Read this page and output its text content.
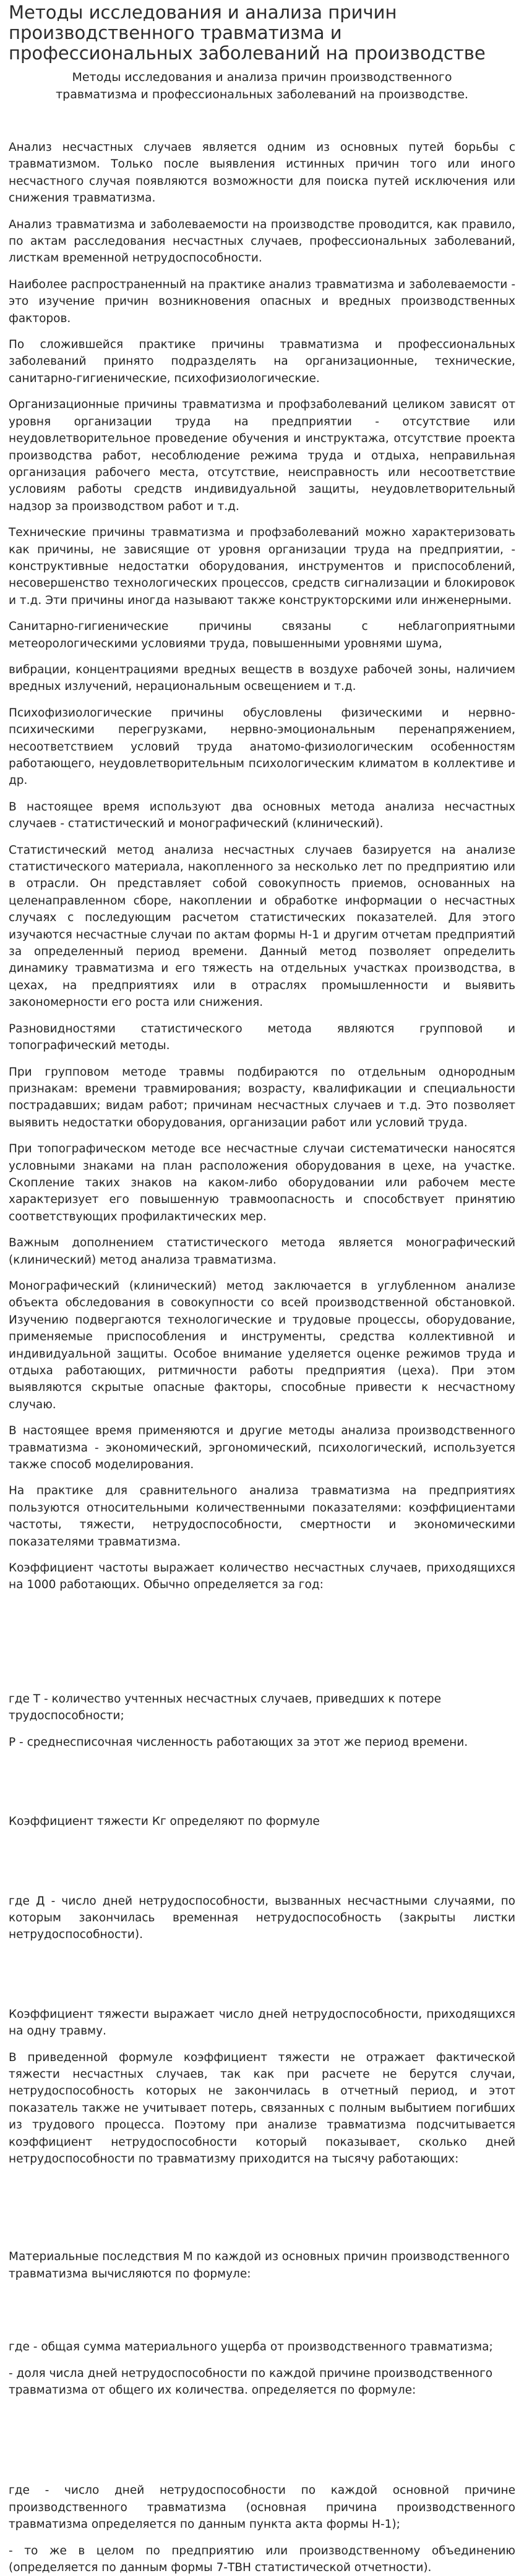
Методы исследования и анализа причин производственного травматизма и профессиональных заболеваний на производстве
Методы исследования и анализа причин производственного травматизма и профессиональных заболеваний на производстве.

Анализ несчастных случаев является одним из основных путей борьбы с травматизмом. Только после выявления истинных причин того или иного несчастного случая появляются возможности для поиска путей исключения или снижения травматизма.

Анализ травматизма и заболеваемости на производстве проводится, как правило, по актам расследования несчастных случаев, профессиональных заболеваний, листкам временной нетрудоспособности.

Наиболее распространенный на практике анализ травматизма и заболеваемости - это изучение причин возникновения опасных и вредных производственных факторов.

По сложившейся практике причины травматизма и профессиональных заболеваний принято подразделять на организационные, технические, санитарно-гигиенические, психофизиологические.

Организационные причины травматизма и профзаболеваний целиком зависят от уровня организации труда на предприятии - отсутствие или неудовлетворительное проведение обучения и инструктажа, отсутствие проекта производства работ, несоблюдение режима труда и отдыха, неправильная организация рабочего места, отсутствие, неисправность или несоответствие условиям работы средств индивидуальной защиты, неудовлетворительный надзор за производством работ и т.д.

Технические причины травматизма и профзаболеваний можно характеризовать как причины, не зависящие от уровня организации труда на предприятии, - конструктивные недостатки оборудования, инструментов и приспособлений, несовершенство технологических процессов, средств сигнализации и блокировок и т.д. Эти причины иногда называют также конструкторскими или инженерными.

Санитарно-гигиенические причины связаны с неблагоприятными метеорологическими условиями труда, повышенными уровнями шума,

вибрации, концентрациями вредных веществ в воздухе рабочей зоны, наличием вредных излучений, нерациональным освещением и т.д.

Психофизиологические причины обусловлены физическими и нервно-психическими перегрузками, нервно-эмоциональным перенапряжением, несоответствием условий труда анатомо-физиологическим особенностям работающего, неудовлетворительным психологическим климатом в коллективе и др.

В настоящее время используют два основных метода анализа несчастных случаев - статистический и монографический (клинический).

Статистический метод анализа несчастных случаев базируется на анализе статистического материала, накопленного за несколько лет по предприятию или в отрасли. Он представляет собой совокупность приемов, основанных на целенаправленном сборе, накоплении и обработке информации о несчастных случаях с последующим расчетом статистических показателей. Для этого изучаются несчастные случаи по актам формы Н-1 и другим отчетам предприятий за определенный период времени. Данный метод позволяет определить динамику травматизма и его тяжесть на отдельных участках производства, в цехах, на предприятиях или в отраслях промышленности и выявить закономерности его роста или снижения.

Разновидностями статистического метода являются групповой и топографический методы.

При групповом методе травмы подбираются по отдельным однородным признакам: времени травмирования; возрасту, квалификации и специальности пострадавших; видам работ; причинам несчастных случаев и т.д. Это позволяет выявить недостатки оборудования, организации работ или условий труда.

При топографическом методе все несчастные случаи систематически наносятся условными знаками на план расположения оборудования в цехе, на участке. Скопление таких знаков на каком-либо оборудовании или рабочем месте характеризует его повышенную травмоопасность и способствует принятию соответствующих профилактических мер.

Важным дополнением статистического метода является монографический (клинический) метод анализа травматизма.

Монографический (клинический) метод заключается в углубленном анализе объекта обследования в совокупности со всей производственной обстановкой. Изучению подвергаются технологические и трудовые процессы, оборудование, применяемые приспособления и инструменты, средства коллективной и индивидуальной защиты. Особое внимание уделяется оценке режимов труда и отдыха работающих, ритмичности работы предприятия (цеха). При этом выявляются скрытые опасные факторы, способные привести к несчастному случаю.

В настоящее время применяются и другие методы анализа производственного травматизма - экономический, эргономический, психологический, используется также способ моделирования.

На практике для сравнительного анализа травматизма на предприятиях пользуются относительными количественными показателями: коэффициентами частоты, тяжести, нетрудоспособности, смертности и экономическими показателями травматизма.

Коэффициент частоты выражает количество несчастных случаев, приходящихся на 1000 работающих. Обычно определяется за год:

где Т - количество учтенных несчастных случаев, приведших к потере трудоспособности;

Р - среднесписочная численность работающих за этот же период времени.

Коэффициент тяжести Кг определяют по формуле

где Д - число дней нетрудоспособности, вызванных несчастными случаями, по которым закончилась временная нетрудоспособность (закрыты листки нетрудоспособности).

Коэффициент тяжести выражает число дней нетрудоспособности, приходящихся на одну травму.

В приведенной формуле коэффициент тяжести не отражает фактической тяжести несчастных случаев, так как при расчете не берутся случаи, нетрудоспособность которых не закончилась в отчетный период, и этот показатель также не учитывает потерь, связанных с полным выбытием погибших из трудового процесса. Поэтому при анализе травматизма подсчитывается коэффициент нетрудоспособности который показывает, сколько дней нетрудоспособности по травматизму приходится на тысячу работающих:

Материальные последствия М по каждой из основных причин производственного травматизма вычисляются по формуле:

где - общая сумма материального ущерба от производственного травматизма;

- доля числа дней нетрудоспособности по каждой причине производственного травматизма от общего их количества. определяется по формуле:

где - число дней нетрудоспособности по каждой основной причине производственного травматизма (основная причина производственного травматизма определяется по данным пункта акта формы Н-1);

- то же в целом по предприятию или производственному объединению (определяется по данным формы 7-ТВН статистической отчетности).
